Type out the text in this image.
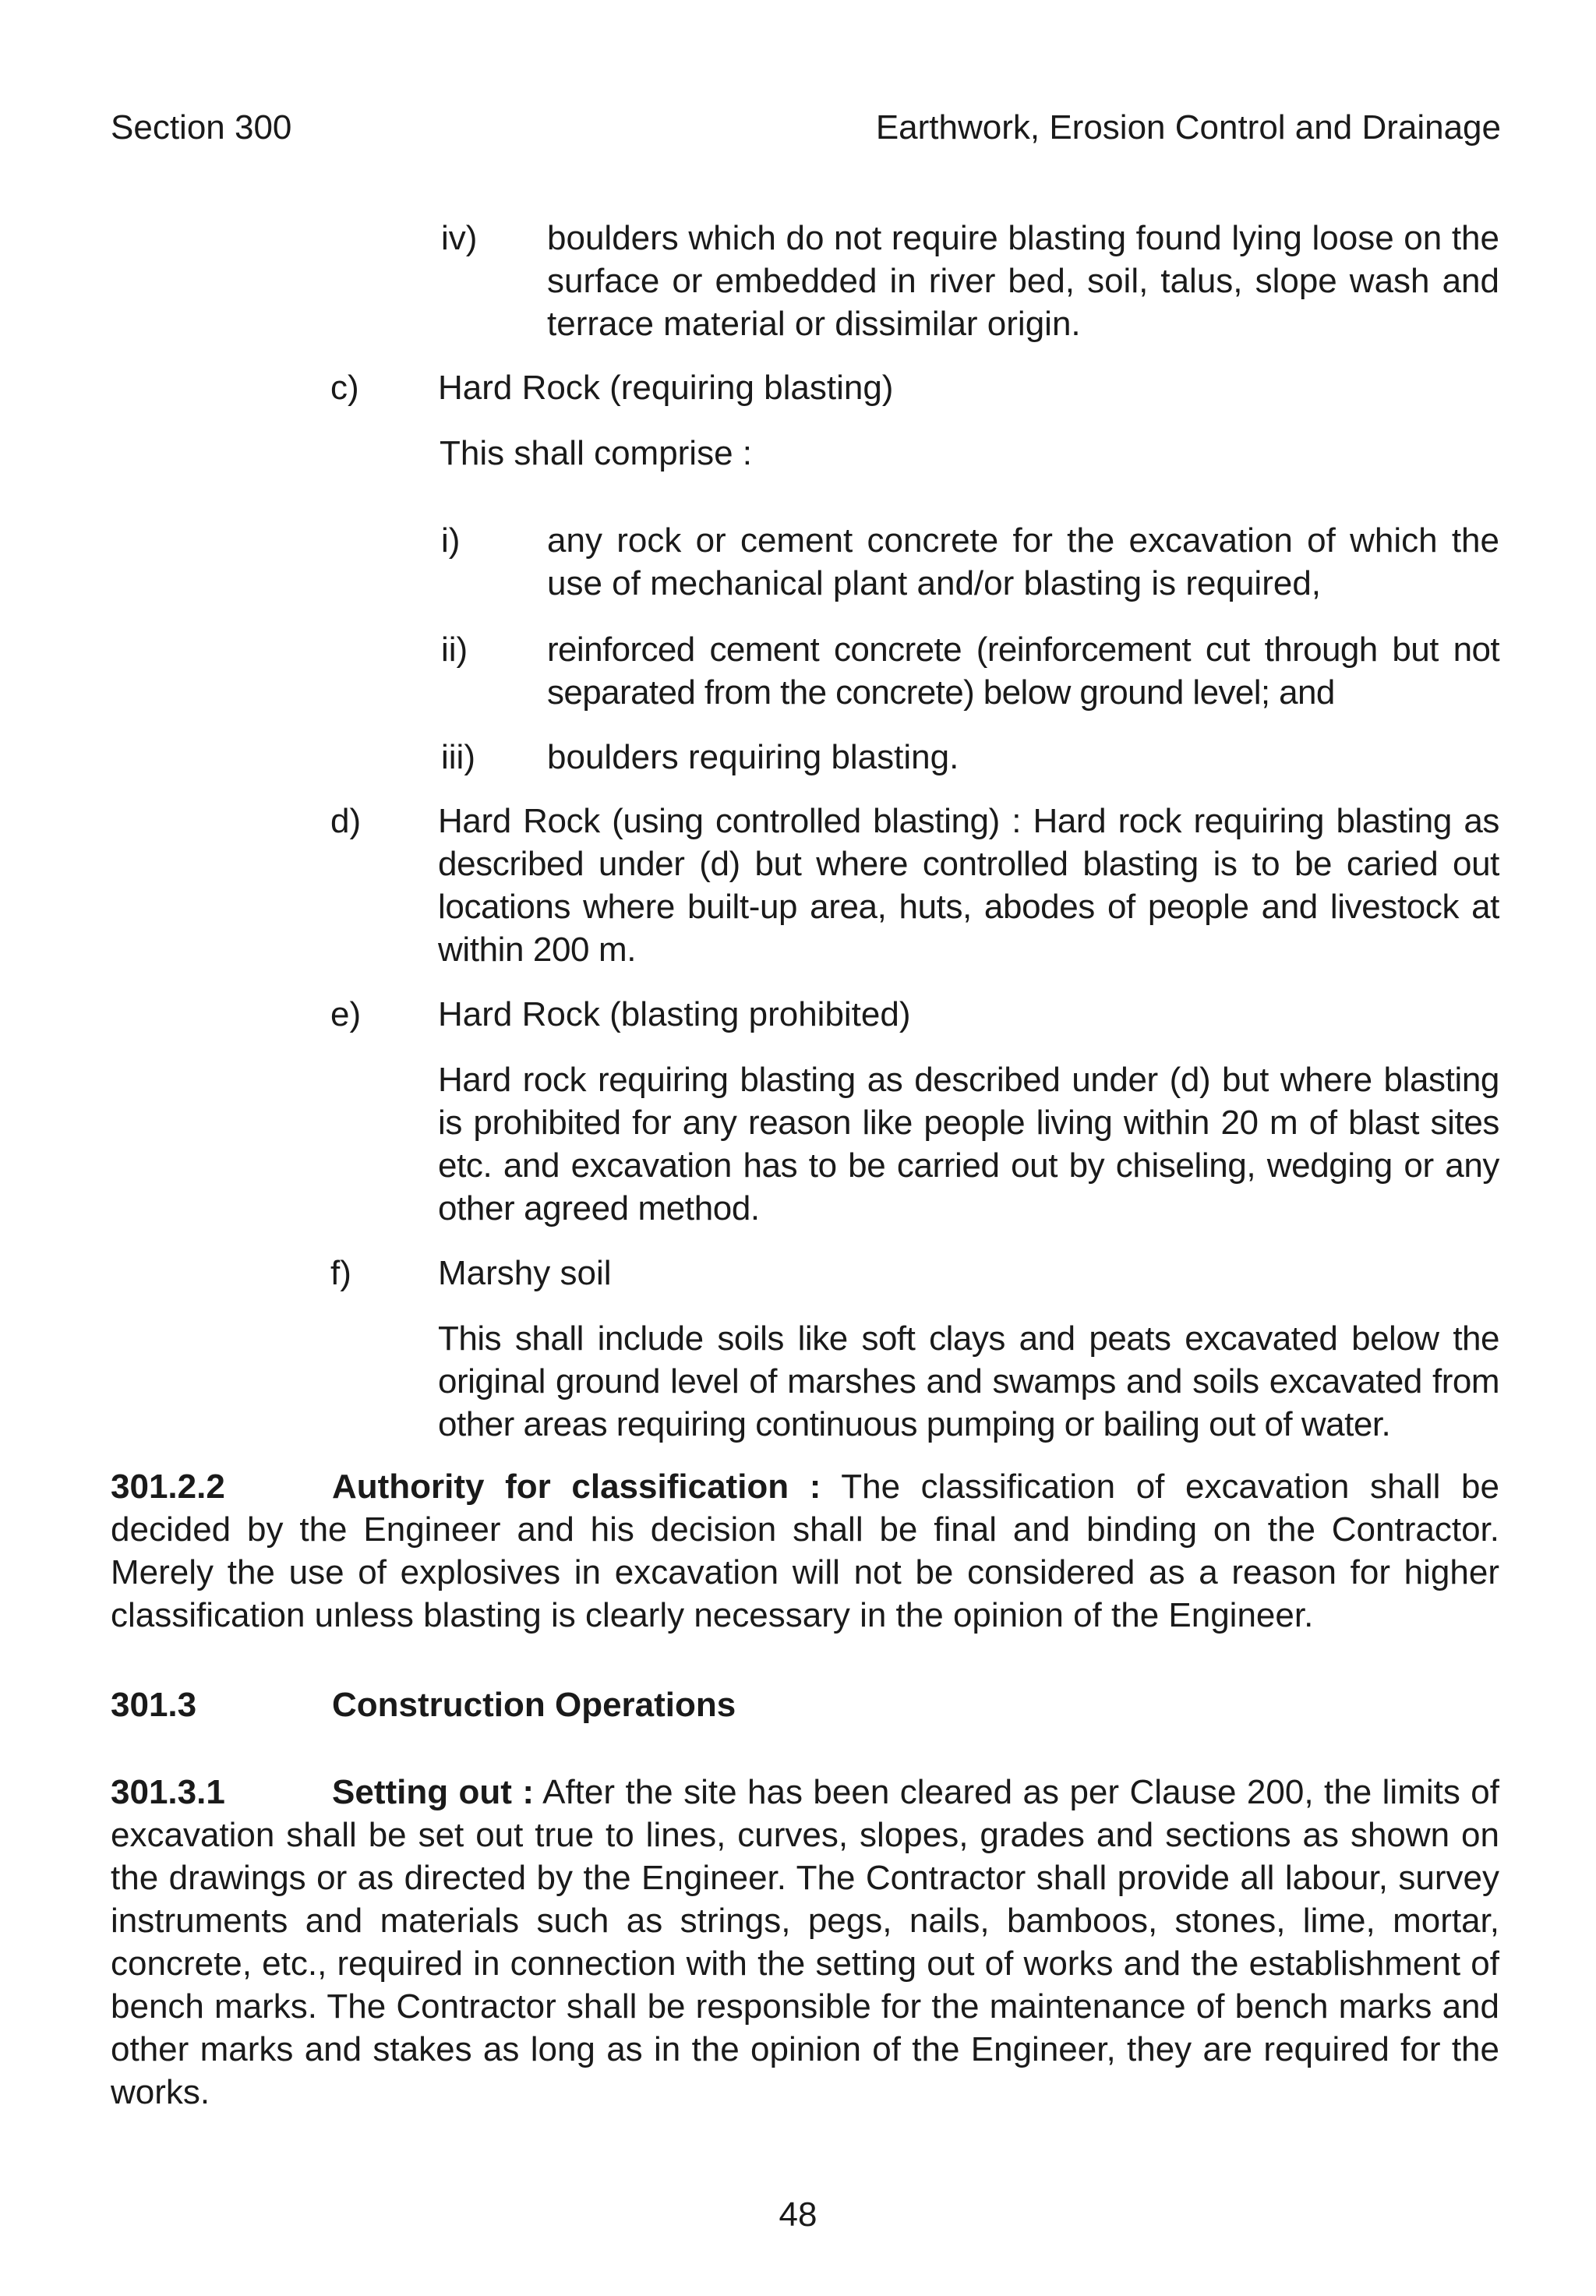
Section 300	Earthwork, Erosion Control and Drainage
iv) boulders which do not require blasting found lying loose on the surface or embedded in river bed, soil, talus, slope wash and terrace material or dissimilar origin.

c) Hard Rock (requiring blasting)
This shall comprise :
i)	any rock or cement concrete for the excavation of which the use of mechanical plant and/or blasting is required,

ii) reinforced cement concrete (reinforcement cut through but not separated from the concrete) below ground level; and

iii) boulders requiring blasting.
d) Hard Rock (using controlled blasting) : Hard rock requiring blasting as described under (d) but where controlled blasting is to be caried out locations where built-up area, huts, abodes of people and livestock at within 200 m.

e) Hard Rock (blasting prohibited)

Hard rock requiring blasting as described under (d) but where blasting is prohibited for any reason like people living within 20 m of blast sites etc. and excavation has to be carried out by chiseling, wedging or any other agreed method.

f)	Marshy soil

This shall include soils like soft clays and peats excavated below the original ground level of marshes and swamps and soils excavated from other areas requiring continuous pumping or bailing out of water.

301.2.2	Authority for classification : The classification of excavation shall be decided by the Engineer and his decision shall be final and binding on the Contractor. Merely the use of explosives in excavation will not be considered as a reason for higher classification unless blasting is clearly necessary in the opinion of the Engineer.

301.3	Construction Operations

301.3.1	Setting out : After the site has been cleared as per Clause 200, the limits of excavation shall be set out true to lines, curves, slopes, grades and sections as shown on the drawings or as directed by the Engineer. The Contractor shall provide all labour, survey instruments and materials such as strings, pegs, nails, bamboos, stones, lime, mortar, concrete, etc., required in connection with the setting out of works and the establishment of bench marks. The Contractor shall be responsible for the maintenance of bench marks and other marks and stakes as long as in the opinion of the Engineer, they are required for the works.

48
